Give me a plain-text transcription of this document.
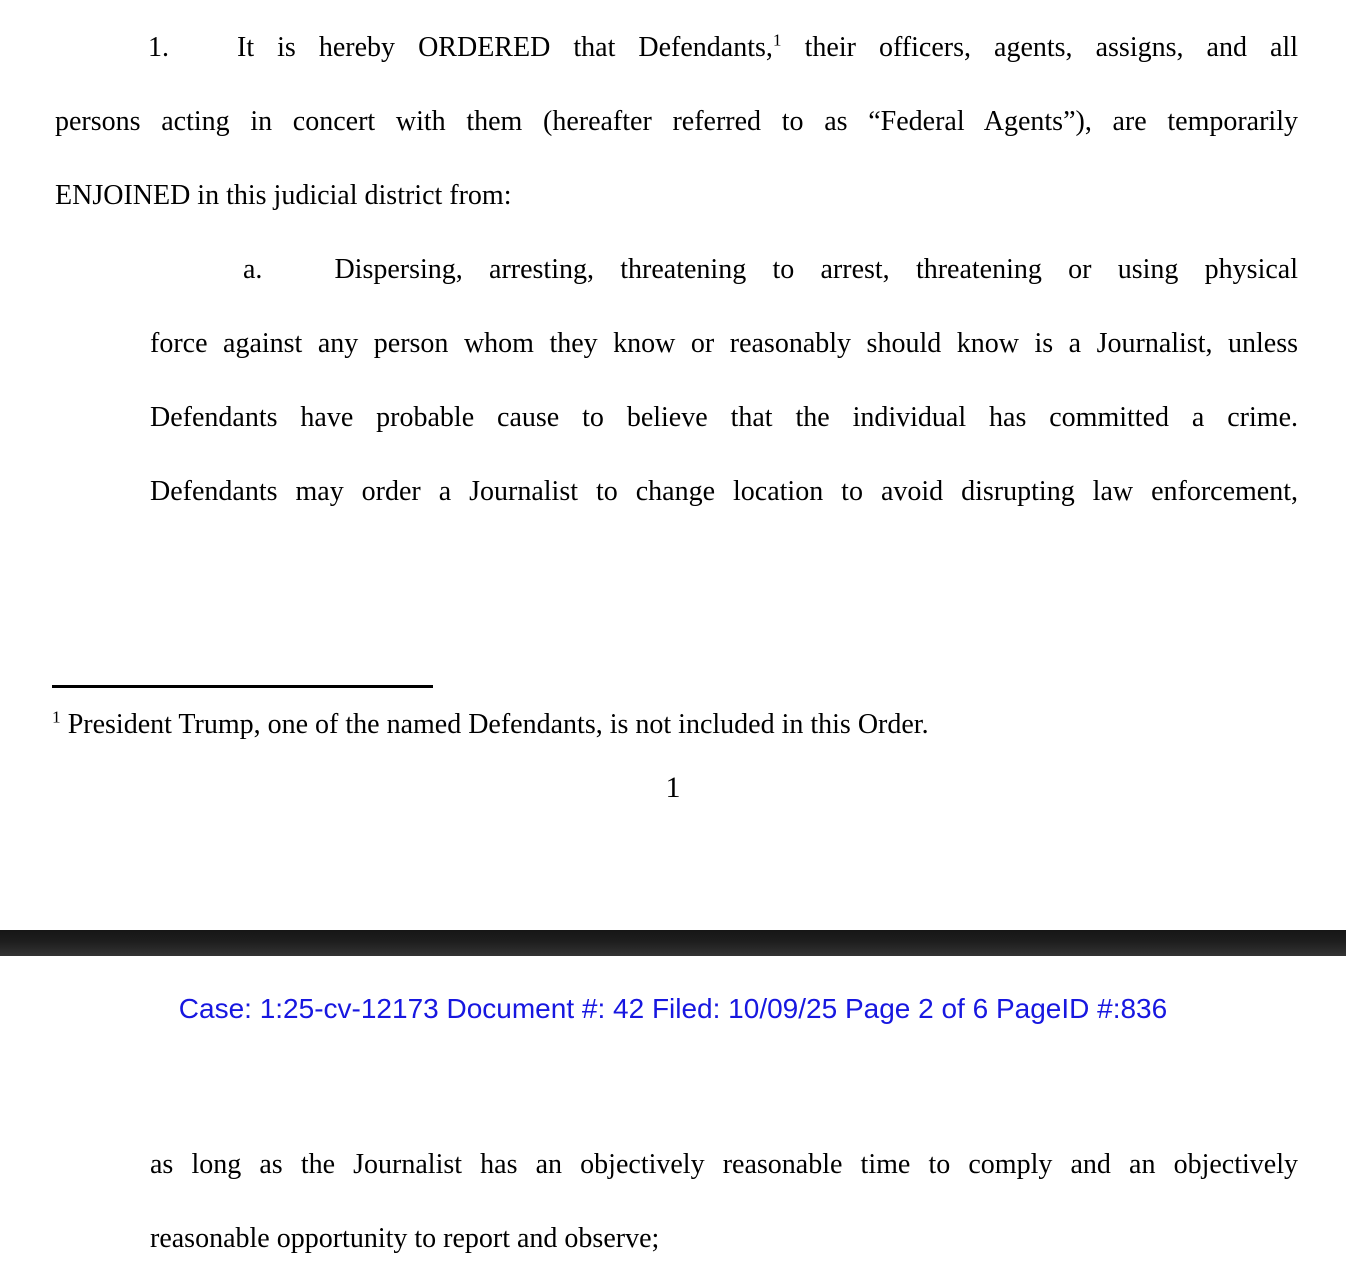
1. It is hereby ORDERED that Defendants,$^1$ their officers, agents, assigns, and all
persons acting in concert with them (hereafter referred to as “Federal Agents”), are temporarily
ENJOINED in this judicial district from:
a.	Dispersing, arresting, threatening to arrest, threatening or using physical
force against any person whom they know or reasonably should know is a Journalist, unless
Defendants have probable cause to believe that the individual has committed a crime.
Defendants may order a Journalist to change location to avoid disrupting law enforcement,
$^1$ President Trump, one of the named Defendants, is not included in this Order.
1
Case: 1:25-cv-12173 Document #: 42 Filed: 10/09/25 Page 2 of 6 PageID #:836
as long as the Journalist has an objectively reasonable time to comply and an objectively
reasonable opportunity to report and observe;
